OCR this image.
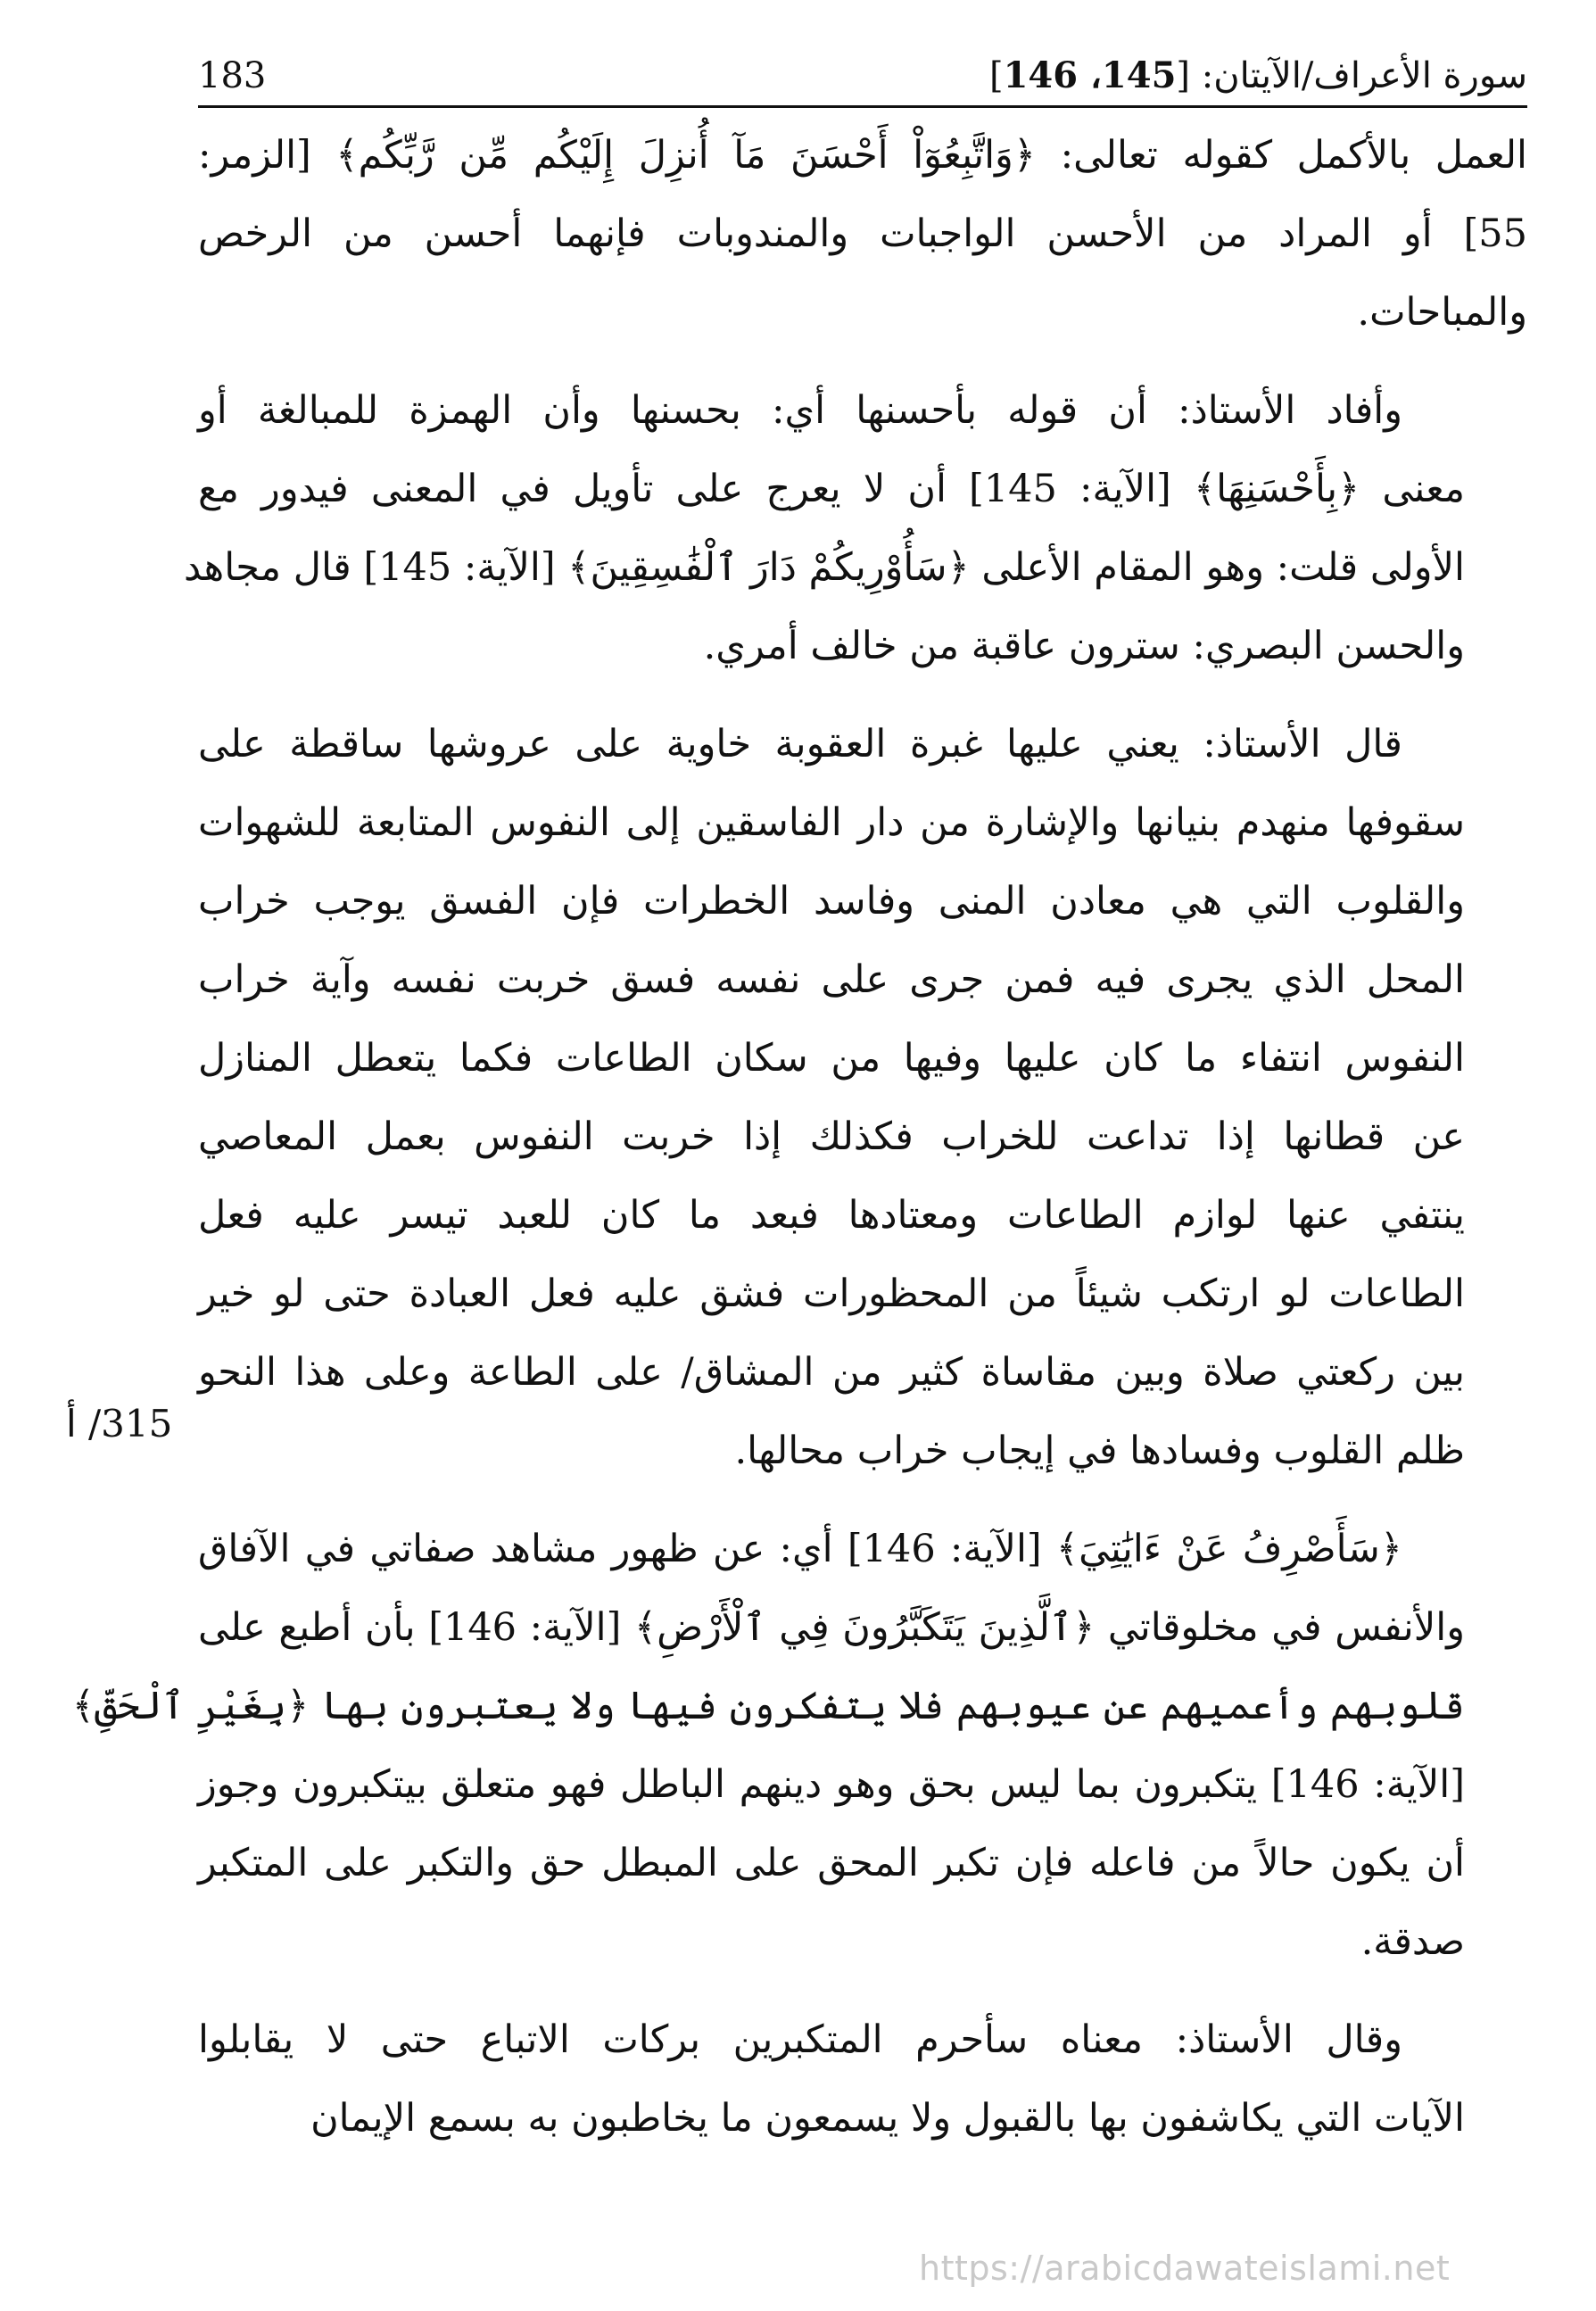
سورة الأعراف/الآيتان: [145، 146]
183
العمل بالأكمل كقوله تعالى: ﴿وَاتَّبِعُوٓاْ أَحْسَنَ مَآ أُنزِلَ إِلَيْكُم مِّن رَّبِّكُم﴾ [الزمر:
55] أو المراد من الأحسن الواجبات والمندوبات فإنهما أحسن من الرخص
والمباحات.
وأفاد الأستاذ: أن قوله بأحسنها أي: بحسنها وأن الهمزة للمبالغة أو
معنى ﴿بِأَحْسَنِهَا﴾ [الآية: 145] أن لا يعرج على تأويل في المعنى فيدور مع
الأولى قلت: وهو المقام الأعلى ﴿سَأُوْرِيكُمْ دَارَ ٱلْفَٰسِقِينَ﴾ [الآية: 145] قال مجاهد
والحسن البصري: سترون عاقبة من خالف أمري.
قال الأستاذ: يعني عليها غبرة العقوبة خاوية على عروشها ساقطة على
سقوفها منهدم بنيانها والإشارة من دار الفاسقين إلى النفوس المتابعة للشهوات
والقلوب التي هي معادن المنى وفاسد الخطرات فإن الفسق يوجب خراب
المحل الذي يجرى فيه فمن جرى على نفسه فسق خربت نفسه وآية خراب
النفوس انتفاء ما كان عليها وفيها من سكان الطاعات فكما يتعطل المنازل
عن قطانها إذا تداعت للخراب فكذلك إذا خربت النفوس بعمل المعاصي
ينتفي عنها لوازم الطاعات ومعتادها فبعد ما كان للعبد تيسر عليه فعل
الطاعات لو ارتكب شيئاً من المحظورات فشق عليه فعل العبادة حتى لو خير
بين ركعتي صلاة وبين مقاساة كثير من المشاق/ على الطاعة وعلى هذا النحو
ظلم القلوب وفسادها في إيجاب خراب محالها.
﴿سَأَصْرِفُ عَنْ ءَايَٰتِيَ﴾ [الآية: 146] أي: عن ظهور مشاهد صفاتي في الآفاق
والأنفس في مخلوقاتي ﴿ٱلَّذِينَ يَتَكَبَّرُونَ فِي ٱلْأَرْضِ﴾ [الآية: 146] بأن أطبع على
قلوبهم وأعميهم عن عيوبهم فلا يتفكرون فيها ولا يعتبرون بها ﴿بِغَيْرِ ٱلْحَقِّ﴾
[الآية: 146] يتكبرون بما ليس بحق وهو دينهم الباطل فهو متعلق بيتكبرون وجوز
أن يكون حالاً من فاعله فإن تكبر المحق على المبطل حق والتكبر على المتكبر
صدقة.
وقال الأستاذ: معناه سأحرم المتكبرين بركات الاتباع حتى لا يقابلوا
الآيات التي يكاشفون بها بالقبول ولا يسمعون ما يخاطبون به بسمع الإيمان
315/ أ
https://arabicdawateislami.net
